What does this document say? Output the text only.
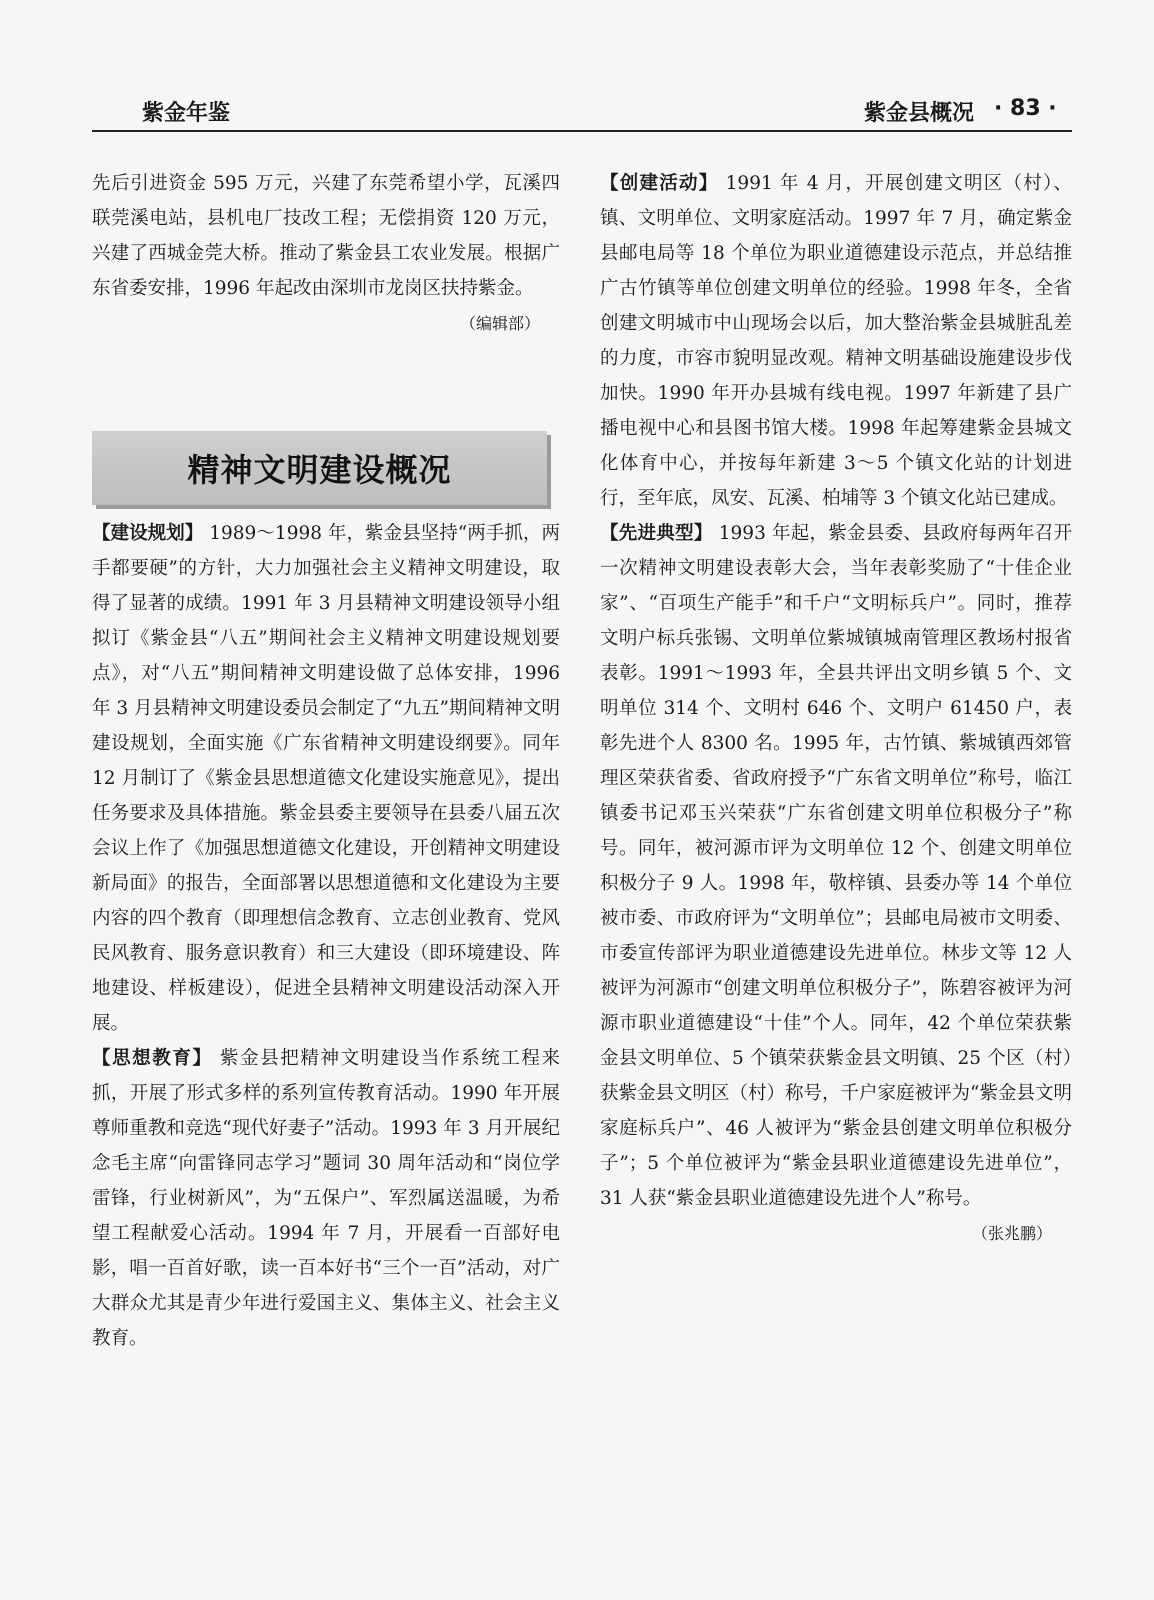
紫金年鉴	紫金县概况 · 83 ·

先后引进资金 595 万元，兴建了东莞希望小学，瓦溪四联莞溪电站，县机电厂技改工程；无偿捐资 120 万元，兴建了西城金莞大桥。推动了紫金县工农业发展。根据广东省委安排，1996 年起改由深圳市龙岗区扶持紫金。

（编辑部）

精神文明建设概况

【建设规划】 1989～1998 年，紫金县坚持“两手抓，两手都要硬”的方针，大力加强社会主义精神文明建设，取得了显著的成绩。1991 年 3 月县精神文明建设领导小组拟订《紫金县“八五”期间社会主义精神文明建设规划要点》，对“八五”期间精神文明建设做了总体安排，1996 年 3 月县精神文明建设委员会制定了“九五”期间精神文明建设规划，全面实施《广东省精神文明建设纲要》。同年 12 月制订了《紫金县思想道德文化建设实施意见》，提出任务要求及具体措施。紫金县委主要领导在县委八届五次会议上作了《加强思想道德文化建设，开创精神文明建设新局面》的报告，全面部署以思想道德和文化建设为主要内容的四个教育（即理想信念教育、立志创业教育、党风民风教育、服务意识教育）和三大建设（即环境建设、阵地建设、样板建设），促进全县精神文明建设活动深入开展。

【思想教育】 紫金县把精神文明建设当作系统工程来抓，开展了形式多样的系列宣传教育活动。1990 年开展尊师重教和竞选“现代好妻子”活动。1993 年 3 月开展纪念毛主席“向雷锋同志学习”题词 30 周年活动和“岗位学雷锋，行业树新风”，为“五保户”、军烈属送温暖，为希望工程献爱心活动。1994 年 7 月，开展看一百部好电影，唱一百首好歌，读一百本好书“三个一百”活动，对广大群众尤其是青少年进行爱国主义、集体主义、社会主义教育。

【创建活动】 1991 年 4 月，开展创建文明区（村）、镇、文明单位、文明家庭活动。1997 年 7 月，确定紫金县邮电局等 18 个单位为职业道德建设示范点，并总结推广古竹镇等单位创建文明单位的经验。1998 年冬，全省创建文明城市中山现场会以后，加大整治紫金县城脏乱差的力度，市容市貌明显改观。精神文明基础设施建设步伐加快。1990 年开办县城有线电视。1997 年新建了县广播电视中心和县图书馆大楼。1998 年起筹建紫金县城文化体育中心，并按每年新建 3～5 个镇文化站的计划进行，至年底，凤安、瓦溪、柏埔等 3 个镇文化站已建成。

【先进典型】 1993 年起，紫金县委、县政府每两年召开一次精神文明建设表彰大会，当年表彰奖励了“十佳企业家”、“百项生产能手”和千户“文明标兵户”。同时，推荐文明户标兵张锡、文明单位紫城镇城南管理区教场村报省表彰。1991～1993 年，全县共评出文明乡镇 5 个、文明单位 314 个、文明村 646 个、文明户 61450 户，表彰先进个人 8300 名。1995 年，古竹镇、紫城镇西郊管理区荣获省委、省政府授予“广东省文明单位”称号，临江镇委书记邓玉兴荣获“广东省创建文明单位积极分子”称号。同年，被河源市评为文明单位 12 个、创建文明单位积极分子 9 人。1998 年，敬梓镇、县委办等 14 个单位被市委、市政府评为“文明单位”；县邮电局被市文明委、市委宣传部评为职业道德建设先进单位。林步文等 12 人被评为河源市“创建文明单位积极分子”，陈碧容被评为河源市职业道德建设“十佳”个人。同年，42 个单位荣获紫金县文明单位、5 个镇荣获紫金县文明镇、25 个区（村）获紫金县文明区（村）称号，千户家庭被评为“紫金县文明家庭标兵户”、46 人被评为“紫金县创建文明单位积极分子”；5 个单位被评为“紫金县职业道德建设先进单位”，31 人获“紫金县职业道德建设先进个人”称号。

（张兆鹏）
